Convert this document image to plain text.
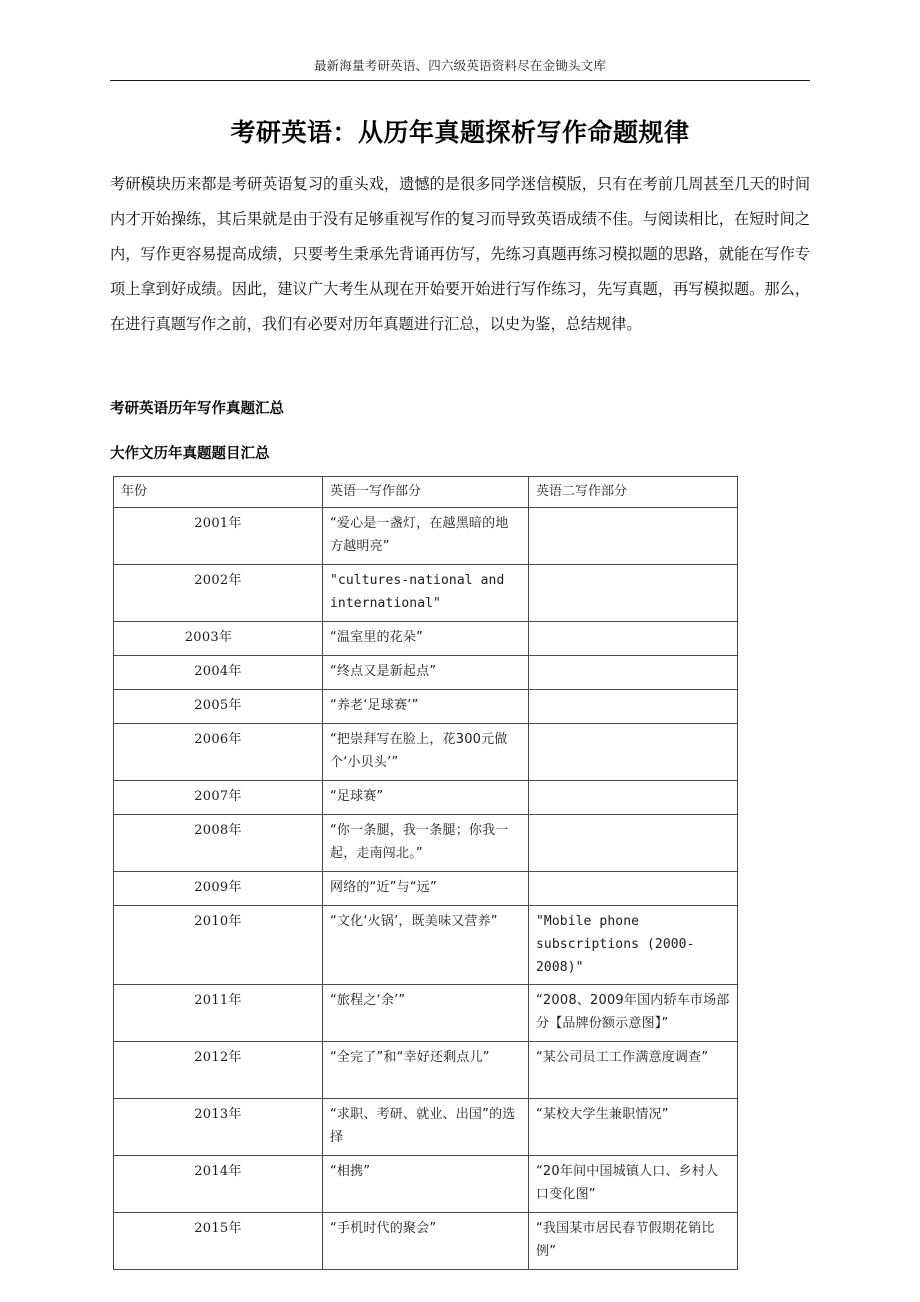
最新海量考研英语、四六级英语资料尽在金锄头文库
考研英语：从历年真题探析写作命题规律

考研模块历来都是考研英语复习的重头戏，遗憾的是很多同学迷信模版，只有在考前几周甚至几天的时间内才开始操练，其后果就是由于没有足够重视写作的复习而导致英语成绩不佳。与阅读相比，在短时间之内，写作更容易提高成绩，只要考生秉承先背诵再仿写，先练习真题再练习模拟题的思路，就能在写作专项上拿到好成绩。因此，建议广大考生从现在开始要开始进行写作练习，先写真题，再写模拟题。那么，在进行真题写作之前，我们有必要对历年真题进行汇总，以史为鉴，总结规律。

考研英语历年写作真题汇总
大作文历年真题题目汇总
年份	英语一写作部分	英语二写作部分
2001年	“爱心是一盏灯，在越黑暗的地方越明亮”	
2002年	"cultures-national and international"	
2003年	“温室里的花朵”	
2004年	“终点又是新起点”	
2005年	“养老‘足球赛’”	
2006年	“把崇拜写在脸上，花300元做个‘小贝头’”	
2007年	“足球赛”	
2008年	“你一条腿，我一条腿；你我一起，走南闯北。”	
2009年	网络的“近”与“远”	
2010年	“文化‘火锅’，既美味又营养”	"Mobile phone subscriptions (2000-2008)"
2011年	“旅程之‘余’”	“2008、2009年国内轿车市场部分【品牌份额示意图】”
2012年	“全完了”和“幸好还剩点儿”	“某公司员工工作满意度调查”
2013年	“求职、考研、就业、出国”的选择	“某校大学生兼职情况”
2014年	“相携”	“20年间中国城镇人口、乡村人口变化图”
2015年	“手机时代的聚会”	“我国某市居民春节假期花销比例”
